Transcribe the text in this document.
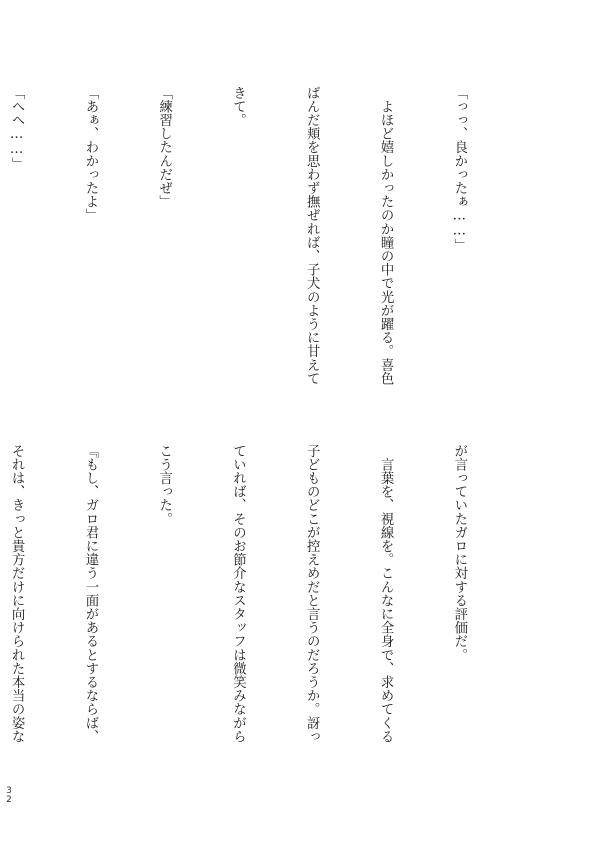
「っっ、良かったぁ……」

　よほど嬉しかったのか瞳の中で光が躍る。喜色

ばんだ頬を思わず撫ぜれば、子犬のように甘えて

きて。

「練習したんだぜ」

「あぁ、わかったよ」

「へへ……」

が言っていたガロに対する評価だ。

　言葉を、視線を。こんなに全身で、求めてくる

子どものどこが控えめだと言うのだろうか。訝っ

ていれば、そのお節介なスタッフは微笑みながら

こう言った。

『もし、ガロ君に違う一面があるとするならば、

それは、きっと貴方だけに向けられた本当の姿な

32
